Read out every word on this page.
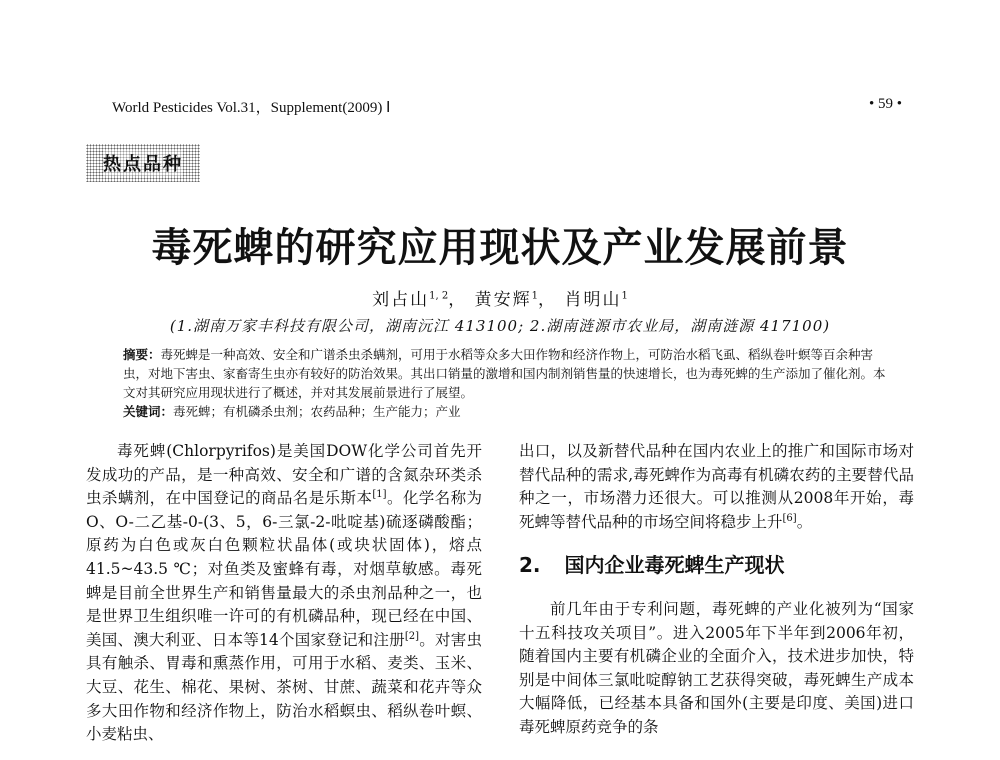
World Pesticides Vol.31，Supplement(2009) Ⅰ	• 59 •
热点品种
毒死蜱的研究应用现状及产业发展前景
刘占山$^{1, 2}$， 黄安辉$^1$， 肖明山$^1$
(1.湖南万家丰科技有限公司，湖南沅江 413100; 2.湖南涟源市农业局，湖南涟源 417100)
摘要：毒死蜱是一种高效、安全和广谱杀虫杀螨剂，可用于水稻等众多大田作物和经济作物上，可防治水稻飞虱、稻纵卷叶螟等百余种害虫，对地下害虫、家畜寄生虫亦有较好的防治效果。其出口销量的激增和国内制剂销售量的快速增长，也为毒死蜱的生产添加了催化剂。本文对其研究应用现状进行了概述，并对其发展前景进行了展望。
关键词：毒死蜱；有机磷杀虫剂；农药品种；生产能力；产业

毒死蜱(Chlorpyrifos)是美国DOW化学公司首先开发成功的产品，是一种高效、安全和广谱的含氮杂环类杀虫杀螨剂，在中国登记的商品名是乐斯本[1]。化学名称为O、O-二乙基-0-(3、5，6-三氯-2-吡啶基)硫逐磷酸酯；原药为白色或灰白色颗粒状晶体(或块状固体)，熔点41.5~43.5 ℃；对鱼类及蜜蜂有毒，对烟草敏感。毒死蜱是目前全世界生产和销售量最大的杀虫剂品种之一，也是世界卫生组织唯一许可的有机磷品种，现已经在中国、美国、澳大利亚、日本等14个国家登记和注册[2]。对害虫具有触杀、胃毒和熏蒸作用，可用于水稻、麦类、玉米、大豆、花生、棉花、果树、茶树、甘蔗、蔬菜和花卉等众多大田作物和经济作物上，防治水稻螟虫、稻纵卷叶螟、小麦粘虫、

出口，以及新替代品种在国内农业上的推广和国际市场对替代品种的需求,毒死蜱作为高毒有机磷农药的主要替代品种之一，市场潜力还很大。可以推测从2008年开始，毒死蜱等替代品种的市场空间将稳步上升[6]。

2. 国内企业毒死蜱生产现状

前几年由于专利问题，毒死蜱的产业化被列为“国家十五科技攻关项目”。进入2005年下半年到2006年初，随着国内主要有机磷企业的全面介入，技术进步加快，特别是中间体三氯吡啶醇钠工艺获得突破，毒死蜱生产成本大幅降低，已经基本具备和国外(主要是印度、美国)进口毒死蜱原药竞争的条
